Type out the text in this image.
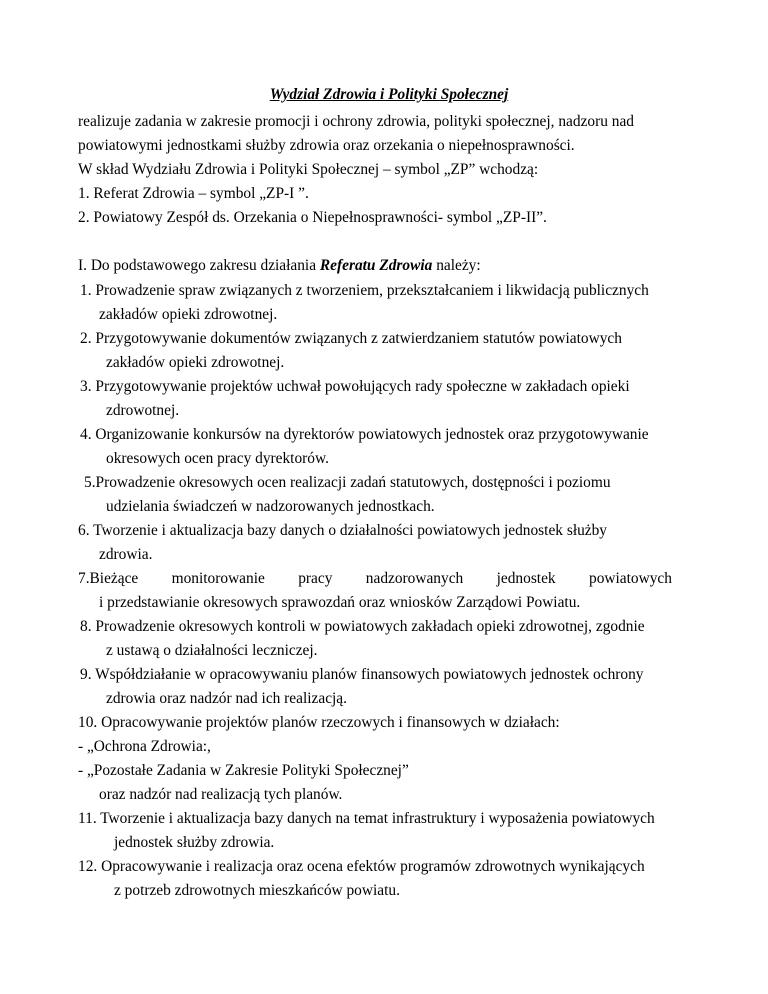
Wydział Zdrowia i Polityki Społecznej
realizuje zadania w zakresie promocji i ochrony zdrowia, polityki społecznej, nadzoru nad
powiatowymi jednostkami służby zdrowia oraz orzekania o niepełnosprawności.
W skład Wydziału Zdrowia i Polityki Społecznej – symbol „ZP” wchodzą:
1. Referat Zdrowia – symbol „ZP-I ”.
2. Powiatowy Zespół ds. Orzekania o Niepełnosprawności- symbol „ZP-II”.
I. Do podstawowego zakresu działania Referatu Zdrowia należy:
1. Prowadzenie spraw związanych z tworzeniem, przekształcaniem i likwidacją publicznych
zakładów opieki zdrowotnej.
2. Przygotowywanie dokumentów związanych z zatwierdzaniem statutów powiatowych
zakładów opieki zdrowotnej.
3. Przygotowywanie projektów uchwał powołujących rady społeczne w zakładach opieki
zdrowotnej.
4. Organizowanie konkursów na dyrektorów powiatowych jednostek oraz przygotowywanie
okresowych ocen pracy dyrektorów.
5.Prowadzenie okresowych ocen realizacji zadań statutowych, dostępności i poziomu
udzielania świadczeń w nadzorowanych jednostkach.
6. Tworzenie i aktualizacja bazy danych o działalności powiatowych jednostek służby
zdrowia.
7.Bieżące monitorowanie pracy nadzorowanych jednostek powiatowych
i przedstawianie okresowych sprawozdań oraz wniosków Zarządowi Powiatu.
8. Prowadzenie okresowych kontroli w powiatowych zakładach opieki zdrowotnej, zgodnie
z ustawą o działalności leczniczej.
9. Współdziałanie w opracowywaniu planów finansowych powiatowych jednostek ochrony
zdrowia oraz nadzór nad ich realizacją.
10. Opracowywanie projektów planów rzeczowych i finansowych w działach:
- „Ochrona Zdrowia:,
- „Pozostałe Zadania w Zakresie Polityki Społecznej”
oraz nadzór nad realizacją tych planów.
11. Tworzenie i aktualizacja bazy danych na temat infrastruktury i wyposażenia powiatowych
jednostek służby zdrowia.
12. Opracowywanie i realizacja oraz ocena efektów programów zdrowotnych wynikających
z potrzeb zdrowotnych mieszkańców powiatu.
